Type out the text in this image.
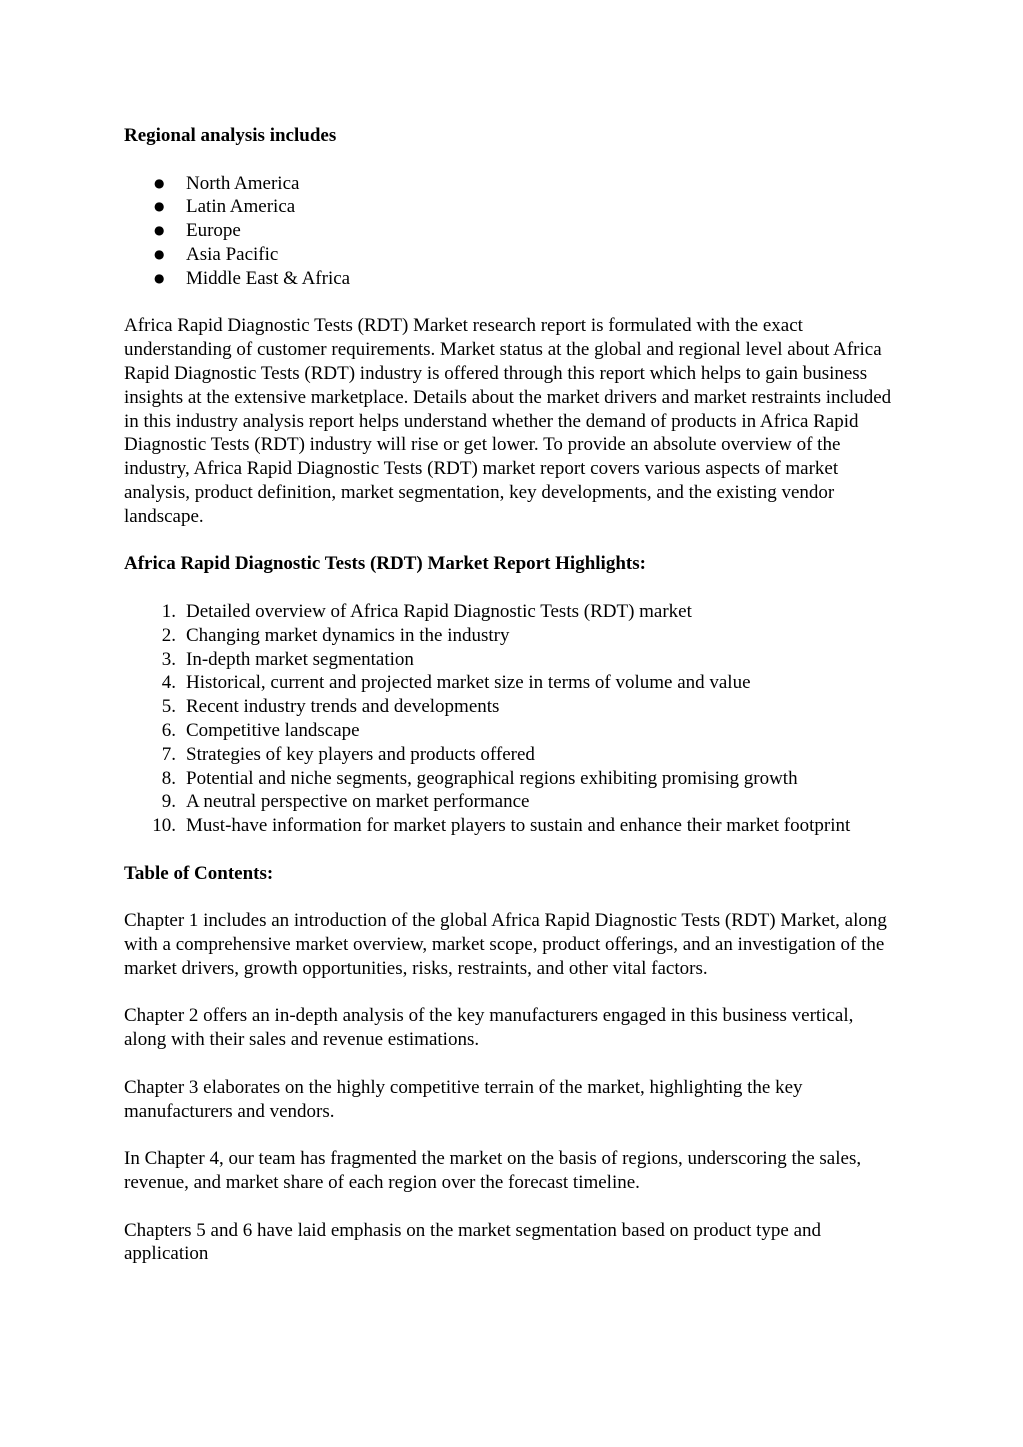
Regional analysis includes
● North America
● Latin America
● Europe
● Asia Pacific
● Middle East & Africa

Africa Rapid Diagnostic Tests (RDT) Market research report is formulated with the exact understanding of customer requirements. Market status at the global and regional level about Africa Rapid Diagnostic Tests (RDT) industry is offered through this report which helps to gain business insights at the extensive marketplace. Details about the market drivers and market restraints included in this industry analysis report helps understand whether the demand of products in Africa Rapid Diagnostic Tests (RDT) industry will rise or get lower. To provide an absolute overview of the industry, Africa Rapid Diagnostic Tests (RDT) market report covers various aspects of market analysis, product definition, market segmentation, key developments, and the existing vendor landscape.

Africa Rapid Diagnostic Tests (RDT) Market Report Highlights:
1. Detailed overview of Africa Rapid Diagnostic Tests (RDT) market
2. Changing market dynamics in the industry
3. In-depth market segmentation
4. Historical, current and projected market size in terms of volume and value
5. Recent industry trends and developments
6. Competitive landscape
7. Strategies of key players and products offered
8. Potential and niche segments, geographical regions exhibiting promising growth
9. A neutral perspective on market performance
10. Must-have information for market players to sustain and enhance their market footprint
Table of Contents:

Chapter 1 includes an introduction of the global Africa Rapid Diagnostic Tests (RDT) Market, along with a comprehensive market overview, market scope, product offerings, and an investigation of the market drivers, growth opportunities, risks, restraints, and other vital factors.

Chapter 2 offers an in-depth analysis of the key manufacturers engaged in this business vertical, along with their sales and revenue estimations.

Chapter 3 elaborates on the highly competitive terrain of the market, highlighting the key manufacturers and vendors.

In Chapter 4, our team has fragmented the market on the basis of regions, underscoring the sales, revenue, and market share of each region over the forecast timeline.

Chapters 5 and 6 have laid emphasis on the market segmentation based on product type and application
